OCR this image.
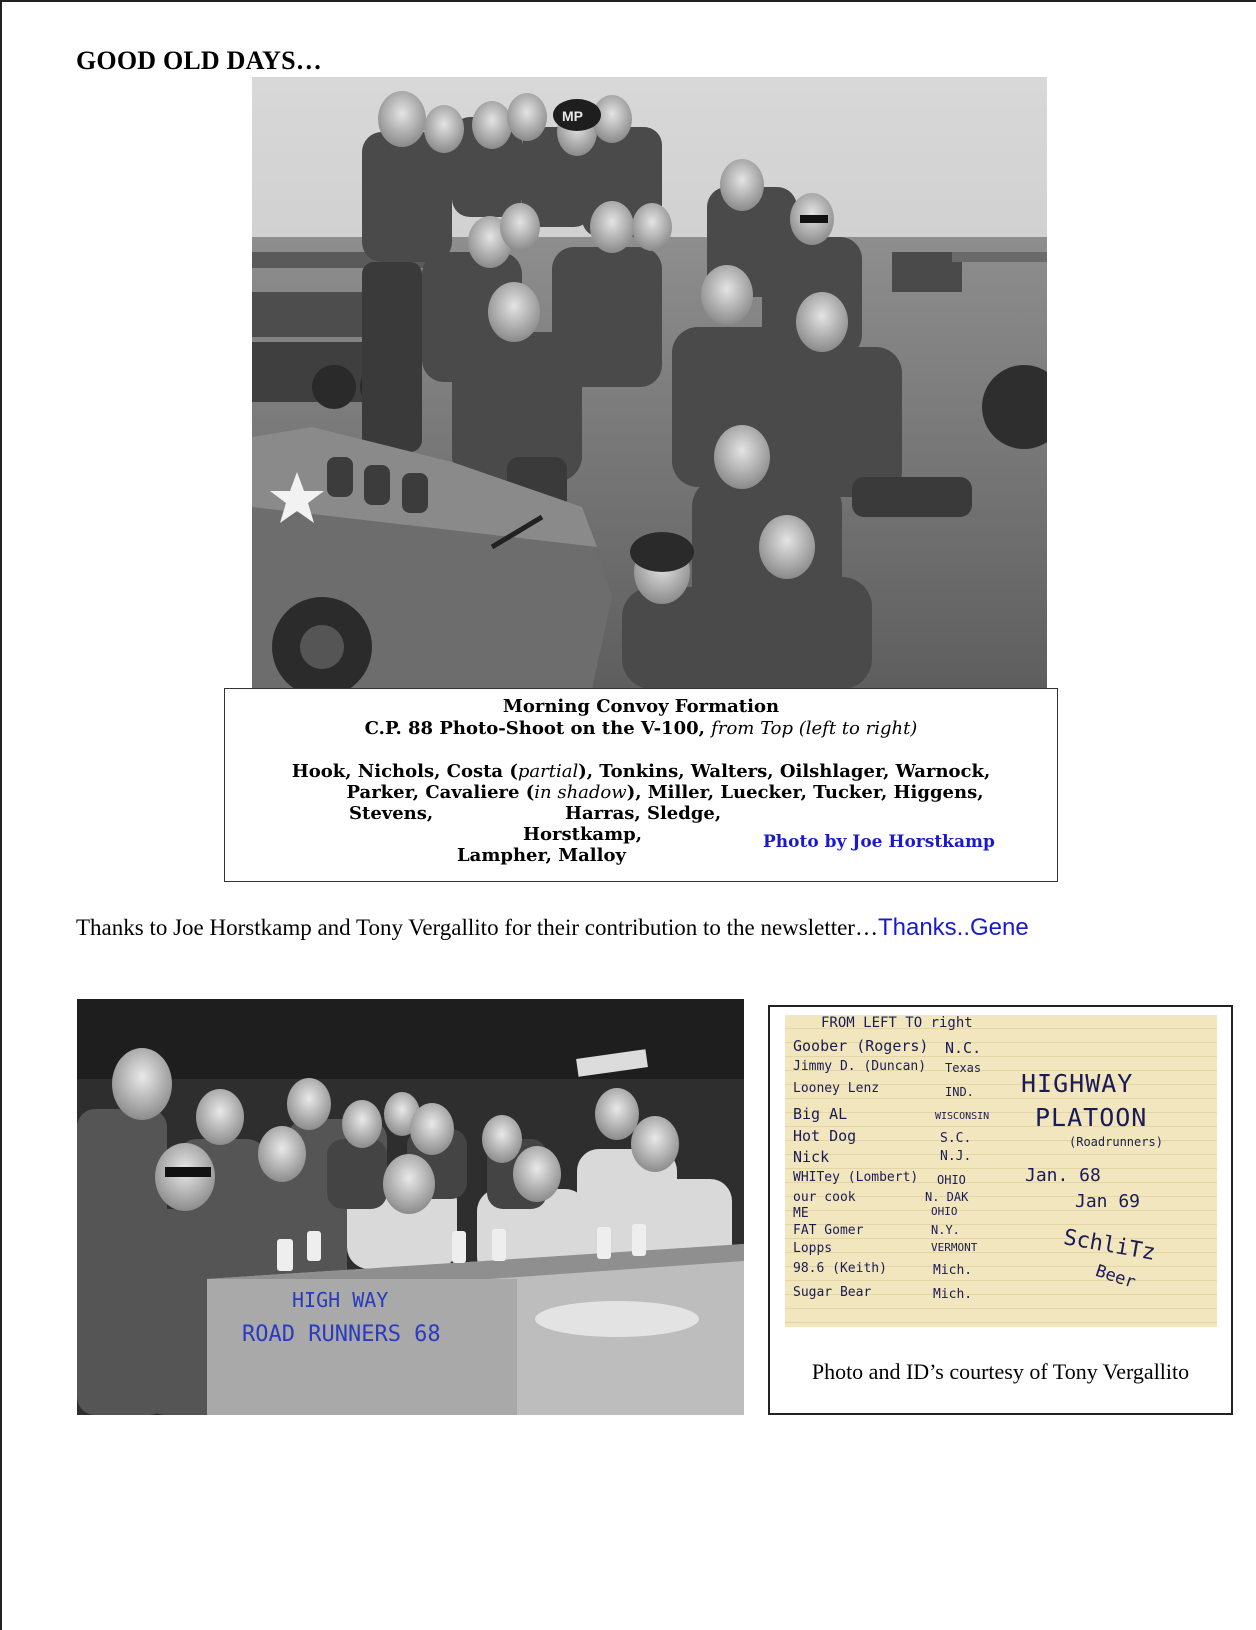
GOOD OLD DAYS…
MP
Morning Convoy Formation
C.P. 88 Photo-Shoot on the V-100, from Top (left to right)
Hook, Nichols, Costa (partial), Tonkins, Walters, Oilshlager, Warnock,
Parker, Cavaliere (in shadow), Miller, Luecker, Tucker, Higgens,
Stevens,	Harras, Sledge,
Horstkamp,
Lampher, Malloy
Photo by Joe Horstkamp
Thanks to Joe Horstkamp and Tony Vergallito for their contribution to the newsletter…Thanks..Gene
HIGH WAY
ROAD RUNNERS 68
FROM LEFT TO right
Goober (Rogers) N.C.
Jimmy D. (Duncan) Texas
Looney Lenz	IND.
Big AL	WISCONSIN
Hot Dog	S.C.
Nick	N.J.
WHITey (Lombert) OHIO
our cook	N. DAK
ME	OHIO
FAT Gomer	N.Y.
Lopps	VERMONT
98.6 (Keith)	Mich.
Sugar Bear	Mich.
HIGHWAY
PLATOON
(Roadrunners)
Jan. 68
Jan 69
SchliTz
Beer
Photo and ID’s courtesy of Tony Vergallito
